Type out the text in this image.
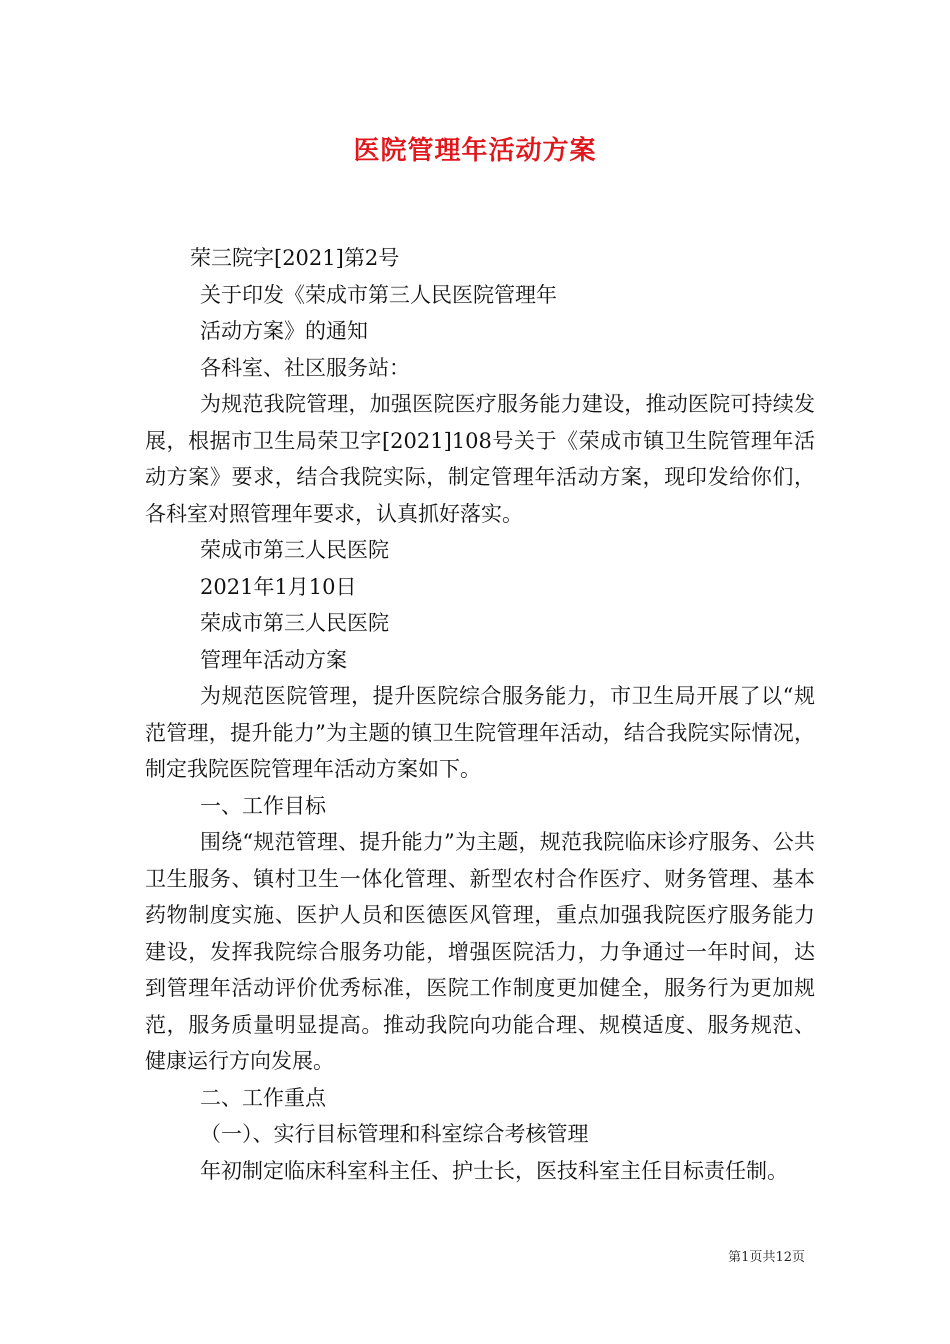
医院管理年活动方案

荣三院字[2021]第2号

关于印发《荣成市第三人民医院管理年

活动方案》的通知

各科室、社区服务站：

为规范我院管理，加强医院医疗服务能力建设，推动医院可持续发展，根据市卫生局荣卫字[2021]108号关于《荣成市镇卫生院管理年活动方案》要求，结合我院实际，制定管理年活动方案，现印发给你们，各科室对照管理年要求，认真抓好落实。

荣成市第三人民医院

2021年1月10日

荣成市第三人民医院

管理年活动方案

为规范医院管理，提升医院综合服务能力，市卫生局开展了以“规范管理，提升能力”为主题的镇卫生院管理年活动，结合我院实际情况，制定我院医院管理年活动方案如下。

一、工作目标

围绕“规范管理、提升能力”为主题，规范我院临床诊疗服务、公共卫生服务、镇村卫生一体化管理、新型农村合作医疗、财务管理、基本药物制度实施、医护人员和医德医风管理，重点加强我院医疗服务能力建设，发挥我院综合服务功能，增强医院活力，力争通过一年时间，达到管理年活动评价优秀标准，医院工作制度更加健全，服务行为更加规范，服务质量明显提高。推动我院向功能合理、规模适度、服务规范、健康运行方向发展。

二、工作重点

（一）、实行目标管理和科室综合考核管理

年初制定临床科室科主任、护士长，医技科室主任目标责任制。

第1页共12页
